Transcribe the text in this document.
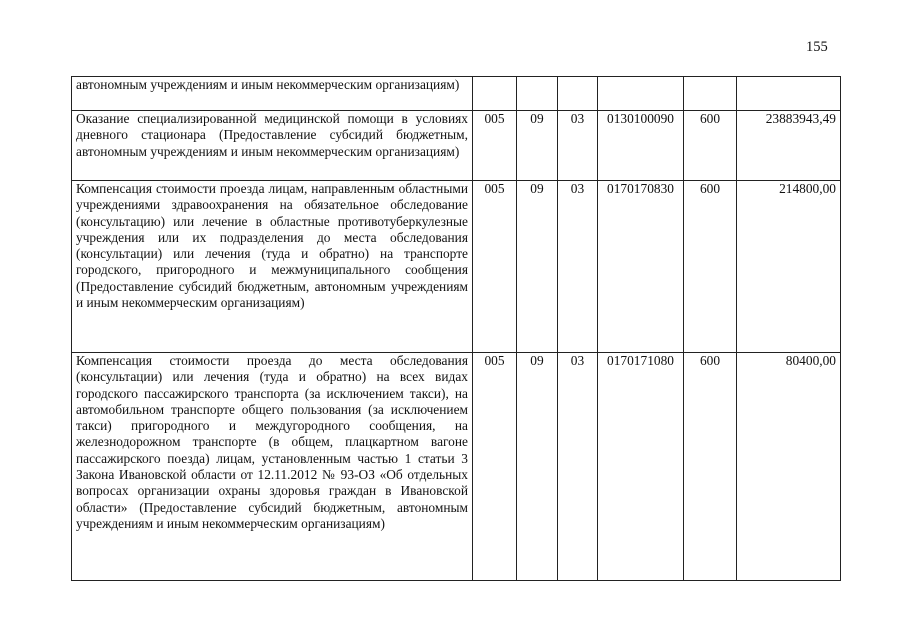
155
автономным учреждениям и иным некоммерческим организациям)						
Оказание специализированной медицинской помощи в условиях дневного стационара (Предоставление субсидий бюджетным, автономным учреждениям и иным некоммерческим организациям)	005	09	03	0130100090	600	23883943,49
Компенсация стоимости проезда лицам, направленным областными учреждениями здравоохранения на обязательное обследование (консультацию) или лечение в областные противотуберкулезные учреждения или их подразделения до места обследования (консультации) или лечения (туда и обратно) на транспорте городского, пригородного и межмуниципального сообщения (Предоставление субсидий бюджетным, автономным учреждениям и иным некоммерческим организациям)	005	09	03	0170170830	600	214800,00
Компенсация стоимости проезда до места обследования (консультации) или лечения (туда и обратно) на всех видах городского пассажирского транспорта (за исключением такси), на автомобильном транспорте общего пользования (за исключением такси) пригородного и междугородного сообщения, на железнодорожном транспорте (в общем, плацкартном вагоне пассажирского поезда) лицам, установленным частью 1 статьи 3 Закона Ивановской области от 12.11.2012 № 93-ОЗ «Об отдельных вопросах организации охраны здоровья граждан в Ивановской области» (Предоставление субсидий бюджетным, автономным учреждениям и иным некоммерческим организациям)	005	09	03	0170171080	600	80400,00
